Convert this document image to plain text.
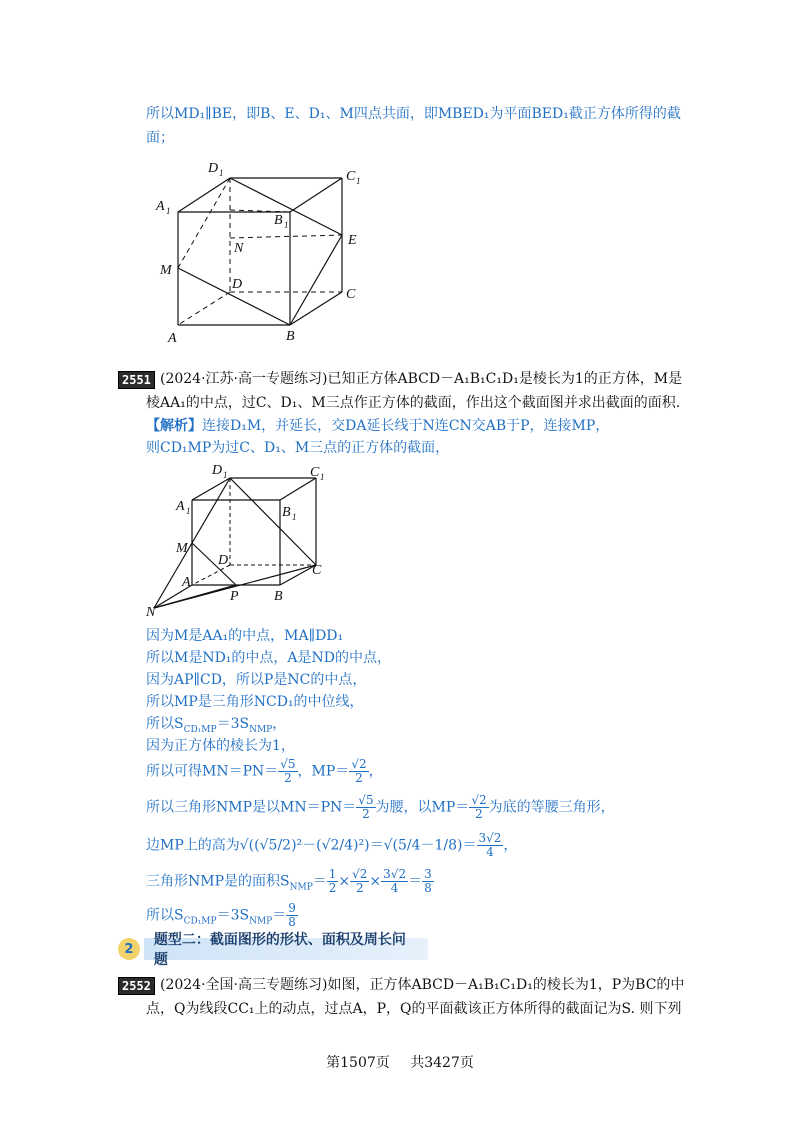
所以MD₁∥BE，即B、E、D₁、M四点共面，即MBED₁为平面BED₁截正方体所得的截
面；
D 1	C 1
A 1
B 1
E
N
M
D
C
A	B
2551 (2024·江苏·高一专题练习)已知正方体ABCD－A₁B₁C₁D₁是棱长为1的正方体，M是
棱AA₁的中点，过C、D₁、M三点作正方体的截面，作出这个截面图并求出截面的面积.
【解析】连接D₁M，并延长，交DA延长线于N连CN交AB于P，连接MP，
则CD₁MP为过C、D₁、M三点的正方体的截面，
D 1	C 1
A 1	B 1
M
D
C
A
P	B
N
因为M是AA₁的中点，MA∥DD₁
所以M是ND₁的中点，A是ND的中点，
因为AP∥CD，所以P是NC的中点，
所以MP是三角形NCD₁的中位线，
所以$S_{CD_1MP}=3S_{NMP}$，
因为正方体的棱长为1，
所以可得$MN=PN= \frac{√5}{2}$ ，$MP= \frac{√2}{2}$ ，
所以三角形NMP是以$MN=PN= \frac{√5}{2}$ 为腰，以$MP= \frac{√2}{2}$ 为底的等腰三角形，
边MP上的高为$√((√5/2)^2-(√2/4)^2)=√(5/4-1/8)= \frac{3√2}{4}$ ，
三角形NMP是的面积$S_{NMP}= \frac{1}{2} \times \frac{√2}{2} \times \frac{3√2}{4} = \frac{3}{8}$
所以$S_{CD_1MP}=3S_{NMP}= \frac{9}{8}$
2
题型二：截面图形的形状、面积及周长问题
2552 (2024·全国·高三专题练习)如图，正方体ABCD－A₁B₁C₁D₁的棱长为1，P为BC的中
点，Q为线段CC₁上的动点，过点A，P，Q的平面截该正方体所得的截面记为S. 则下列
第1507页 共3427页
